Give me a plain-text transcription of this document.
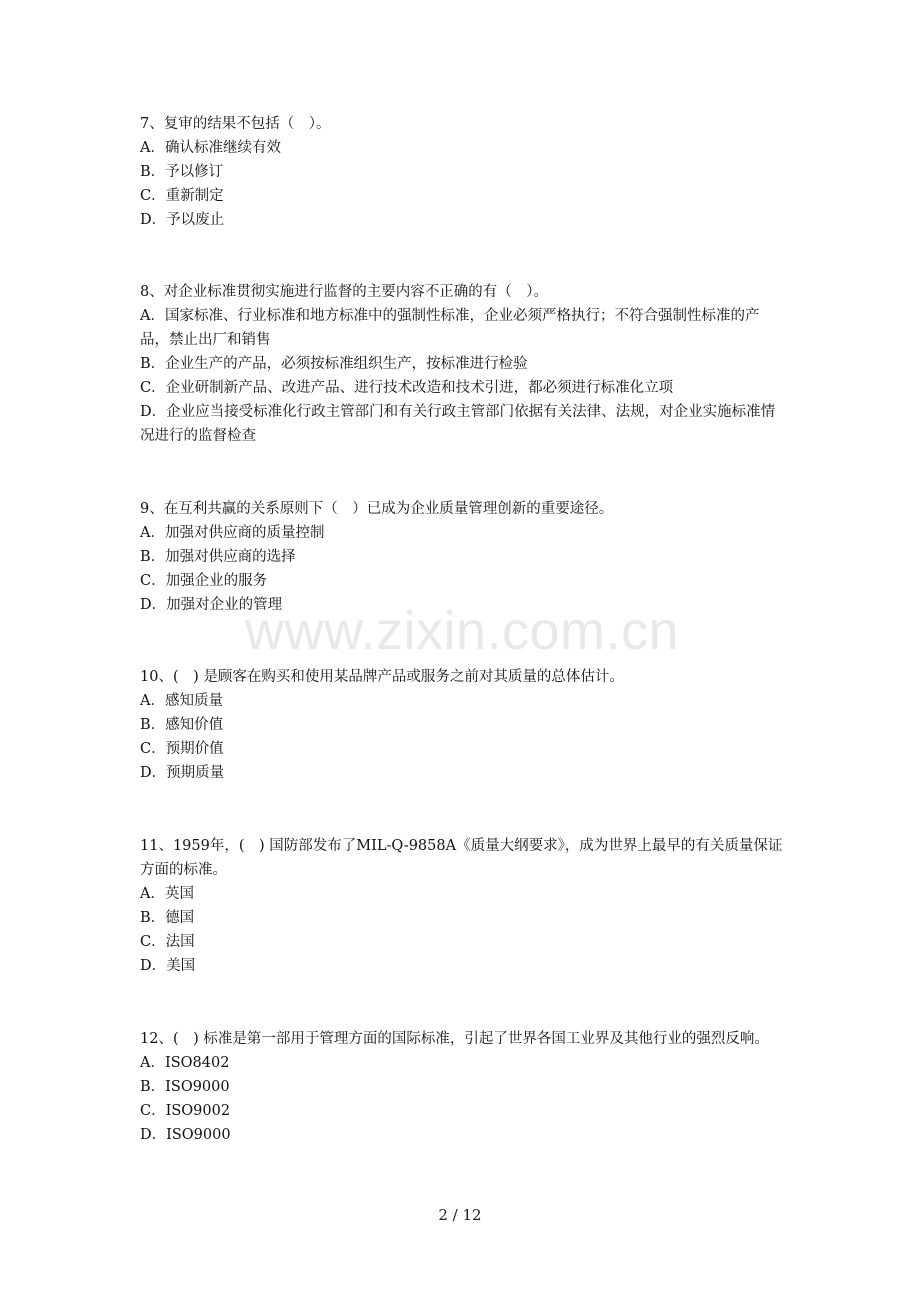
7、复审的结果不包括（　）。

A．确认标准继续有效

B．予以修订

C．重新制定

D．予以废止

8、对企业标准贯彻实施进行监督的主要内容不正确的有（　）。

A．国家标准、行业标准和地方标准中的强制性标准，企业必须严格执行；不符合强制性标准的产品，禁止出厂和销售

B．企业生产的产品，必须按标准组织生产，按标准进行检验

C．企业研制新产品、改进产品、进行技术改造和技术引进，都必须进行标准化立项

D．企业应当接受标准化行政主管部门和有关行政主管部门依据有关法律、法规，对企业实施标准情况进行的监督检查

9、在互利共赢的关系原则下（　）已成为企业质量管理创新的重要途径。

A．加强对供应商的质量控制

B．加强对供应商的选择

C．加强企业的服务

D．加强对企业的管理

10、(　) 是顾客在购买和使用某品牌产品或服务之前对其质量的总体估计。

A．感知质量

B．感知价值

C．预期价值

D．预期质量

11、1959年，(　) 国防部发布了MIL-Q-9858A《质量大纲要求》，成为世界上最早的有关质量保证方面的标准。

A．英国

B．德国

C．法国

D．美国

12、(　) 标准是第一部用于管理方面的国际标准，引起了世界各国工业界及其他行业的强烈反响。

A．ISO8402

B．ISO9000

C．ISO9002

D．ISO9000

www.zixin.com.cn
2 / 12
